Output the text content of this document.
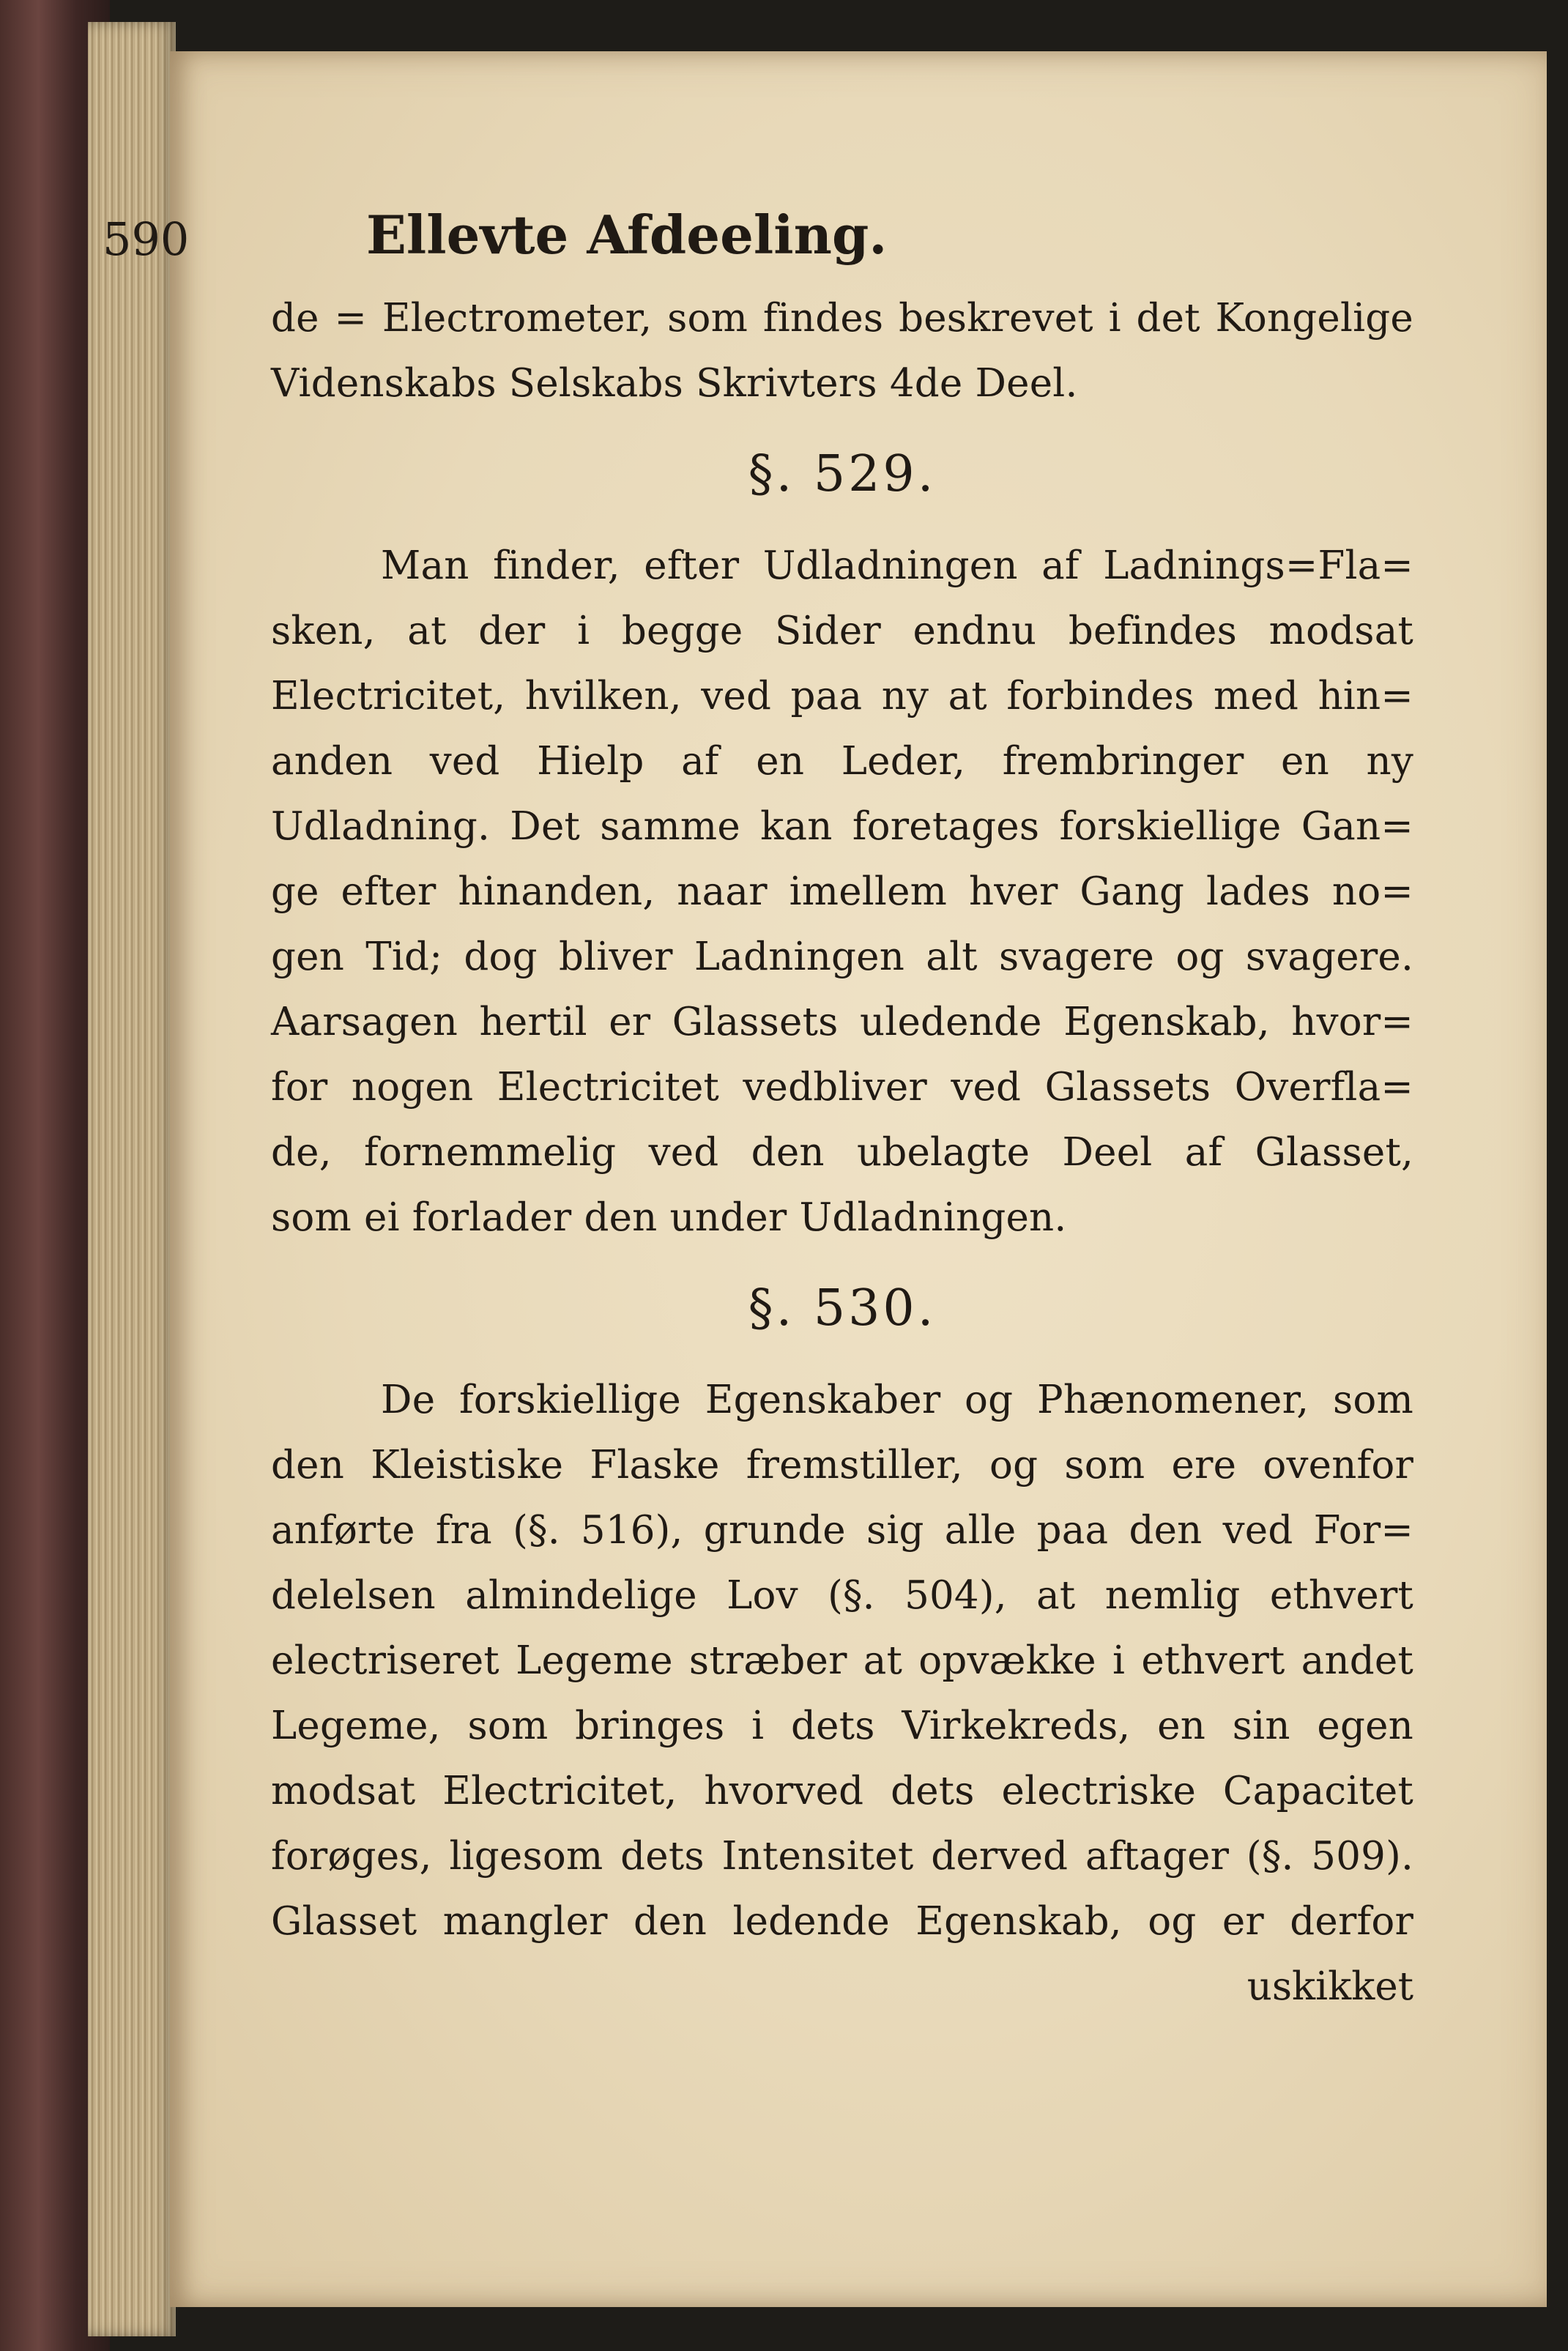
590	Ellevte Afdeeling.
de = Electrometer, som findes beskrevet i det Kongelige
Videnskabs Selskabs Skrivters 4de Deel.
§. 529.
Man finder, efter Udladningen af Ladnings=Fla=
sken, at der i begge Sider endnu befindes modsat
Electricitet, hvilken, ved paa ny at forbindes med hin=
anden ved Hielp af en Leder, frembringer en ny
Udladning. Det samme kan foretages forskiellige Gan=
ge efter hinanden, naar imellem hver Gang lades no=
gen Tid; dog bliver Ladningen alt svagere og svagere.
Aarsagen hertil er Glassets uledende Egenskab, hvor=
for nogen Electricitet vedbliver ved Glassets Overfla=
de, fornemmelig ved den ubelagte Deel af Glasset,
som ei forlader den under Udladningen.
§. 530.
De forskiellige Egenskaber og Phænomener, som
den Kleistiske Flaske fremstiller, og som ere ovenfor
anførte fra (§. 516), grunde sig alle paa den ved For=
delelsen almindelige Lov (§. 504), at nemlig ethvert
electriseret Legeme stræber at opvække i ethvert andet
Legeme, som bringes i dets Virkekreds, en sin egen
modsat Electricitet, hvorved dets electriske Capacitet
forøges, ligesom dets Intensitet derved aftager (§. 509).
Glasset mangler den ledende Egenskab, og er derfor
uskikket
